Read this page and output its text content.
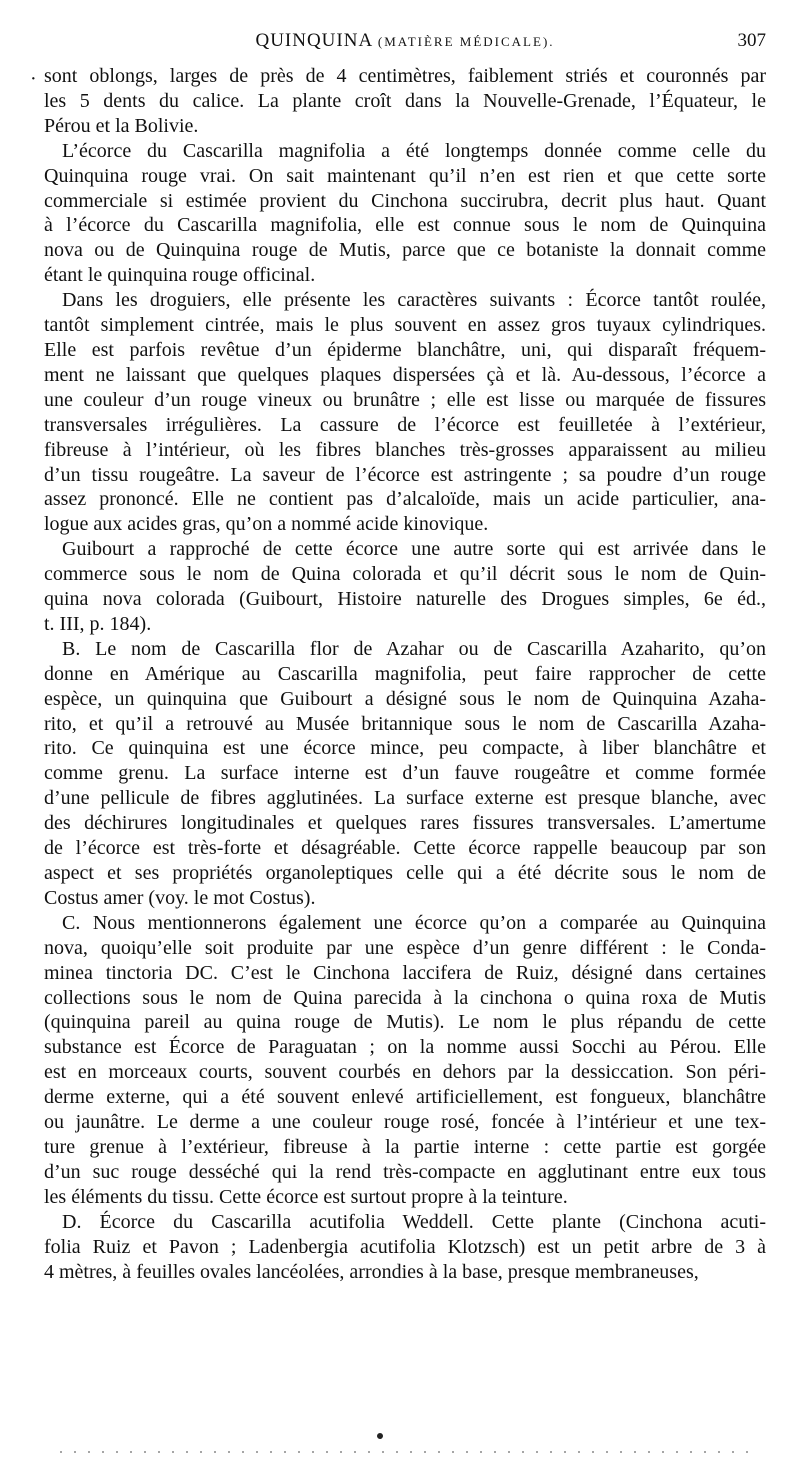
QUINQUINA (MATIÈRE MÉDICALE).	307
· sont oblongs, larges de près de 4 centimètres, faiblement striés et couronnés par
les 5 dents du calice. La plante croît dans la Nouvelle-Grenade, l’Équateur, le
Pérou et la Bolivie.
L’écorce du Cascarilla magnifolia a été longtemps donnée comme celle du
Quinquina rouge vrai. On sait maintenant qu’il n’en est rien et que cette sorte
commerciale si estimée provient du Cinchona succirubra, decrit plus haut. Quant
à l’écorce du Cascarilla magnifolia, elle est connue sous le nom de Quinquina
nova ou de Quinquina rouge de Mutis, parce que ce botaniste la donnait comme
étant le quinquina rouge officinal.
Dans les droguiers, elle présente les caractères suivants : Écorce tantôt roulée,
tantôt simplement cintrée, mais le plus souvent en assez gros tuyaux cylindriques.
Elle est parfois revêtue d’un épiderme blanchâtre, uni, qui disparaît fréquem-
ment ne laissant que quelques plaques dispersées çà et là. Au-dessous, l’écorce a
une couleur d’un rouge vineux ou brunâtre ; elle est lisse ou marquée de fissures
transversales irrégulières. La cassure de l’écorce est feuilletée à l’extérieur,
fibreuse à l’intérieur, où les fibres blanches très-grosses apparaissent au milieu
d’un tissu rougeâtre. La saveur de l’écorce est astringente ; sa poudre d’un rouge
assez prononcé. Elle ne contient pas d’alcaloïde, mais un acide particulier, ana-
logue aux acides gras, qu’on a nommé acide kinovique.
Guibourt a rapproché de cette écorce une autre sorte qui est arrivée dans le
commerce sous le nom de Quina colorada et qu’il décrit sous le nom de Quin-
quina nova colorada (Guibourt, Histoire naturelle des Drogues simples, 6e éd.,
t. III, p. 184).
B. Le nom de Cascarilla flor de Azahar ou de Cascarilla Azaharito, qu’on
donne en Amérique au Cascarilla magnifolia, peut faire rapprocher de cette
espèce, un quinquina que Guibourt a désigné sous le nom de Quinquina Azaha-
rito, et qu’il a retrouvé au Musée britannique sous le nom de Cascarilla Azaha-
rito. Ce quinquina est une écorce mince, peu compacte, à liber blanchâtre et
comme grenu. La surface interne est d’un fauve rougeâtre et comme formée
d’une pellicule de fibres agglutinées. La surface externe est presque blanche, avec
des déchirures longitudinales et quelques rares fissures transversales. L’amertume
de l’écorce est très-forte et désagréable. Cette écorce rappelle beaucoup par son
aspect et ses propriétés organoleptiques celle qui a été décrite sous le nom de
Costus amer (voy. le mot Costus).
C. Nous mentionnerons également une écorce qu’on a comparée au Quinquina
nova, quoiqu’elle soit produite par une espèce d’un genre différent : le Conda-
minea tinctoria DC. C’est le Cinchona laccifera de Ruiz, désigné dans certaines
collections sous le nom de Quina parecida à la cinchona o quina roxa de Mutis
(quinquina pareil au quina rouge de Mutis). Le nom le plus répandu de cette
substance est Écorce de Paraguatan ; on la nomme aussi Socchi au Pérou. Elle
est en morceaux courts, souvent courbés en dehors par la dessiccation. Son péri-
derme externe, qui a été souvent enlevé artificiellement, est fongueux, blanchâtre
ou jaunâtre. Le derme a une couleur rouge rosé, foncée à l’intérieur et une tex-
ture grenue à l’extérieur, fibreuse à la partie interne : cette partie est gorgée
d’un suc rouge desséché qui la rend très-compacte en agglutinant entre eux tous
les éléments du tissu. Cette écorce est surtout propre à la teinture.
D. Écorce du Cascarilla acutifolia Weddell. Cette plante (Cinchona acuti-
folia Ruiz et Pavon ; Ladenbergia acutifolia Klotzsch) est un petit arbre de 3 à
4 mètres, à feuilles ovales lancéolées, arrondies à la base, presque membraneuses,
